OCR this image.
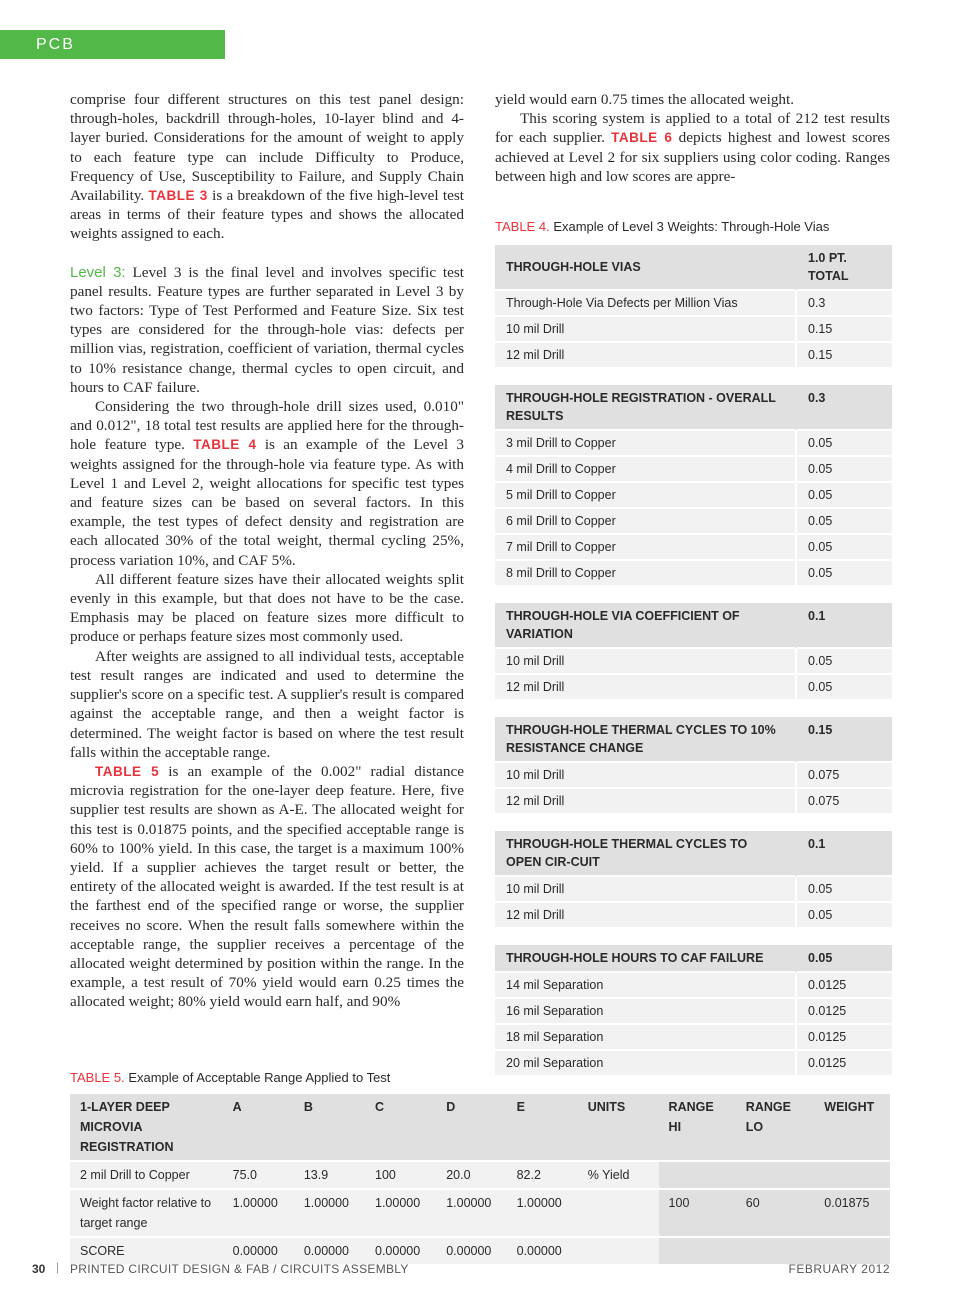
PCB QUALIFICATION

comprise four different structures on this test panel design: through-holes, backdrill through-holes, 10-layer blind and 4-layer buried. Considerations for the amount of weight to apply to each feature type can include Difficulty to Produce, Frequency of Use, Susceptibility to Failure, and Supply Chain Availability. TABLE 3 is a breakdown of the five high-level test areas in terms of their feature types and shows the allocated weights assigned to each.

Level 3: Level 3 is the final level and involves specific test panel results. Feature types are further separated in Level 3 by two factors: Type of Test Performed and Feature Size. Six test types are considered for the through-hole vias: defects per million vias, registration, coefficient of variation, thermal cycles to 10% resistance change, thermal cycles to open circuit, and hours to CAF failure.

Considering the two through-hole drill sizes used, 0.010" and 0.012", 18 total test results are applied here for the through-hole feature type. TABLE 4 is an example of the Level 3 weights assigned for the through-hole via feature type. As with Level 1 and Level 2, weight allocations for specific test types and feature sizes can be based on several factors. In this example, the test types of defect density and registration are each allocated 30% of the total weight, thermal cycling 25%, process variation 10%, and CAF 5%.

All different feature sizes have their allocated weights split evenly in this example, but that does not have to be the case. Emphasis may be placed on feature sizes more difficult to produce or perhaps feature sizes most commonly used.

After weights are assigned to all individual tests, acceptable test result ranges are indicated and used to determine the supplier's score on a specific test. A supplier's result is compared against the acceptable range, and then a weight factor is determined. The weight factor is based on where the test result falls within the acceptable range.

TABLE 5 is an example of the 0.002" radial distance microvia registration for the one-layer deep feature. Here, five supplier test results are shown as A-E. The allocated weight for this test is 0.01875 points, and the specified acceptable range is 60% to 100% yield. In this case, the target is a maximum 100% yield. If a supplier achieves the target result or better, the entirety of the allocated weight is awarded. If the test result is at the farthest end of the specified range or worse, the supplier receives no score. When the result falls somewhere within the acceptable range, the supplier receives a percentage of the allocated weight determined by position within the range. In the example, a test result of 70% yield would earn 0.25 times the allocated weight; 80% yield would earn half, and 90%

yield would earn 0.75 times the allocated weight.

This scoring system is applied to a total of 212 test results for each supplier. TABLE 6 depicts highest and lowest scores achieved at Level 2 for six suppliers using color coding. Ranges between high and low scores are appre-

TABLE 4. Example of Level 3 Weights: Through-Hole Vias
THROUGH-HOLE VIAS	1.0 PT. TOTAL
Through-Hole Via Defects per Million Vias	0.3
10 mil Drill	0.15
12 mil Drill	0.15

THROUGH-HOLE REGISTRATION - OVERALL RESULTS	0.3
3 mil Drill to Copper	0.05
4 mil Drill to Copper	0.05
5 mil Drill to Copper	0.05
6 mil Drill to Copper	0.05
7 mil Drill to Copper	0.05
8 mil Drill to Copper	0.05

THROUGH-HOLE VIA COEFFICIENT OF VARIATION	0.1
10 mil Drill	0.05
12 mil Drill	0.05

THROUGH-HOLE THERMAL CYCLES TO 10% RESISTANCE CHANGE	0.15
10 mil Drill	0.075
12 mil Drill	0.075

THROUGH-HOLE THERMAL CYCLES TO OPEN CIR-CUIT	0.1
10 mil Drill	0.05
12 mil Drill	0.05

THROUGH-HOLE HOURS TO CAF FAILURE	0.05
14 mil Separation	0.0125
16 mil Separation	0.0125
18 mil Separation	0.0125
20 mil Separation	0.0125
TABLE 5. Example of Acceptable Range Applied to Test
1-LAYER DEEP MICROVIA REGISTRATION	A	B	C	D	E	UNITS	RANGE HI	RANGE LO	WEIGHT
2 mil Drill to Copper	75.0	13.9	100	20.0	82.2	% Yield			
Weight factor relative to target range	1.00000	1.00000	1.00000	1.00000	1.00000		100	60	0.01875
SCORE	0.00000	0.00000	0.00000	0.00000	0.00000				
30 | PRINTED CIRCUIT DESIGN & FAB / CIRCUITS ASSEMBLY	FEBRUARY 2012
